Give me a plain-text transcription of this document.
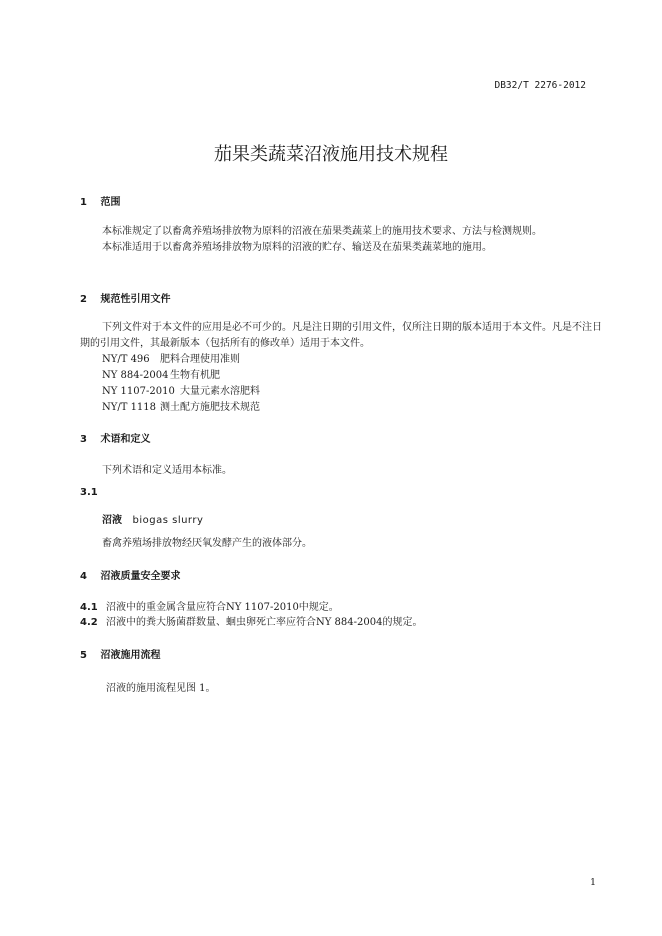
DB32/T 2276-2012
茄果类蔬菜沼液施用技术规程
1 范围

本标准规定了以畜禽养殖场排放物为原料的沼液在茄果类蔬菜上的施用技术要求、方法与检测规则。

本标准适用于以畜禽养殖场排放物为原料的沼液的贮存、输送及在茄果类蔬菜地的施用。

2 规范性引用文件

下列文件对于本文件的应用是必不可少的。凡是注日期的引用文件，仅所注日期的版本适用于本文件。凡是不注日期的引用文件，其最新版本（包括所有的修改单）适用于本文件。

NY/T 496 肥料合理使用准则
NY 884-2004 生物有机肥
NY 1107-2010 大量元素水溶肥料
NY/T 1118 测土配方施肥技术规范
3 术语和定义
下列术语和定义适用本标准。
3.1
沼液 biogas slurry
畜禽养殖场排放物经厌氧发酵产生的液体部分。
4 沼液质量安全要求
4.1 沼液中的重金属含量应符合NY 1107-2010中规定。
4.2 沼液中的粪大肠菌群数量、蛔虫卵死亡率应符合NY 884-2004的规定。
5 沼液施用流程
沼液的施用流程见图 1。
1
